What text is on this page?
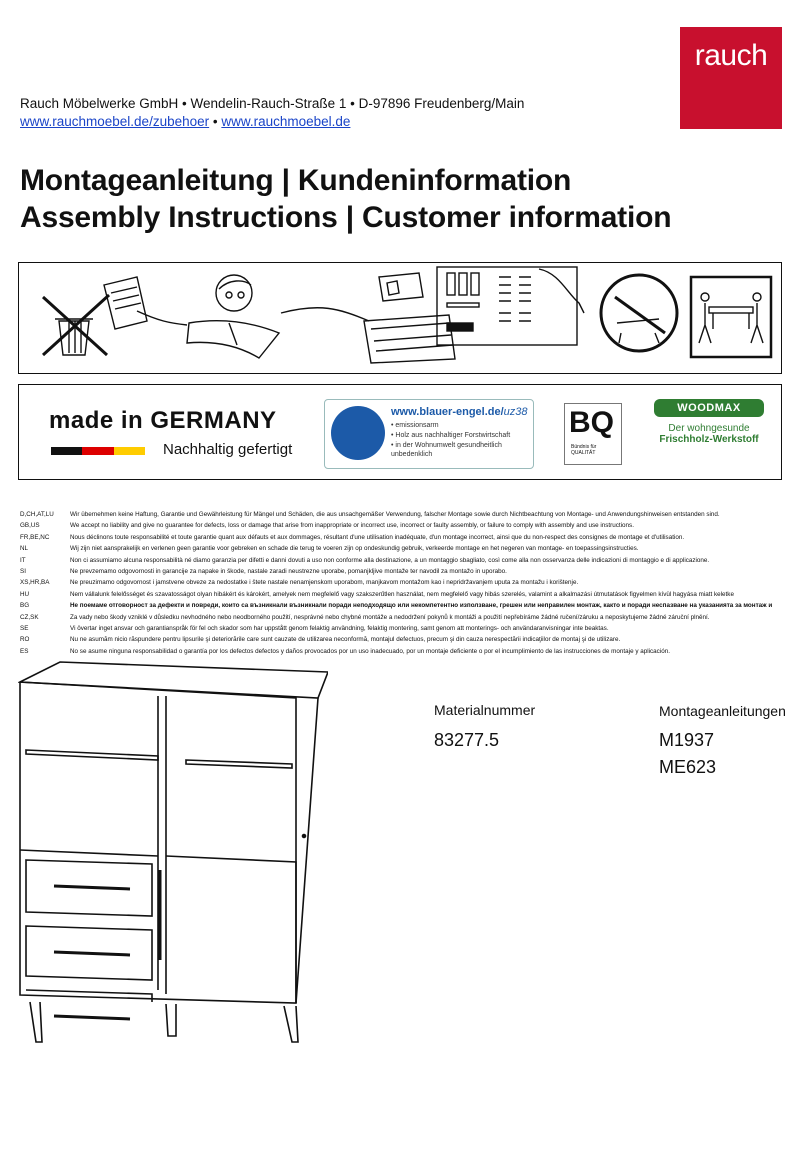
rauch
Rauch Möbelwerke GmbH • Wendelin-Rauch-Straße 1 • D-97896 Freudenberg/Main
www.rauchmoebel.de/zubehoer • www.rauchmoebel.de
Montageanleitung | Kundeninformation
Assembly Instructions | Customer information
made in GERMANY
Nachhaltig gefertigt
www.blauer-engel.de/uz38
• emissionsarm
• Holz aus nachhaltiger Forstwirtschaft
• in der Wohnumwelt gesundheitlich
unbedenklich
BQ
Bündnis für QUALITÄT
WOODMAX
Der wohngesunde
Frischholz-Werkstoff
D,CH,AT,LU	Wir übernehmen keine Haftung, Garantie und Gewährleistung für Mängel und Schäden, die aus unsachgemäßer Verwendung, falscher Montage sowie durch Nichtbeachtung von Montage- und Anwendungshinweisen entstanden sind.
GB,US	We accept no liability and give no guarantee for defects, loss or damage that arise from inappropriate or incorrect use, incorrect or faulty assembly, or failure to comply with assembly and use instructions.
FR,BE,NC	Nous déclinons toute responsabilité et toute garantie quant aux défauts et aux dommages, résultant d'une utilisation inadéquate, d'un montage incorrect, ainsi que du non-respect des consignes de montage et d'utilisation.
NL	Wij zijn niet aansprakelijk en verlenen geen garantie voor gebreken en schade die terug te voeren zijn op ondeskundig gebruik, verkeerde montage en het negeren van montage- en toepassingsinstructies.
IT	Non ci assumiamo alcuna responsabilità né diamo garanzia per difetti e danni dovuti a uso non conforme alla destinazione, a un montaggio sbagliato, così come alla non osservanza delle indicazioni di montaggio e di applicazione.
SI	Ne prevzemamo odgovornosti in garancije za napake in škode, nastale zaradi neustrezne uporabe, pomanjkljive montaže ter navodil za montažo in uporabo.
XS,HR,BA	Ne preuzimamo odgovornost i jamstvene obveze za nedostatke i štete nastale nenamjenskom uporabom, manjkavom montažom kao i nepridržavanjem uputa za montažu i korištenje.
HU	Nem vállalunk felelősséget és szavatosságot olyan hibákért és károkért, amelyek nem megfelelő vagy szakszerűtlen használat, nem megfelelő vagy hibás szerelés, valamint a alkalmazási útmutatások figyelmen kívül hagyása miatt keletke
BG	Не поемаме отговорност за дефекти и повреди, които са възникнали възникнали поради неподходящо или некомпетентно използване, грешен или неправилен монтаж, както и поради неспазване на указанията за монтаж и
CZ,SK	Za vady nebo škody vzniklé v důsledku nevhodného nebo neodborného použití, nesprávné nebo chybné montáže a nedodržení pokynů k montáži a použití nepřebíráme žádné ručení/záruku a neposkytujeme žádné záruční plnění.
SE	Vi övertar inget ansvar och garantianspråk för fel och skador som har uppstått genom felaktig användning, felaktig montering, samt genom att monterings- och användaranvisningar inte beaktas.
RO	Nu ne asumăm nicio răspundere pentru lipsurile şi deteriorările care sunt cauzate de utilizarea neconformă, montajul defectuos, precum şi din cauza nerespectării indicaţiilor de montaj şi de utilizare.
ES	No se asume ninguna responsabilidad o garantía por los defectos defectos y daños provocados por un uso inadecuado, por un montaje deficiente o por el incumplimiento de las instrucciones de montaje y aplicación.
Materialnummer
83277.5
Montageanleitungen
M1937
ME623
